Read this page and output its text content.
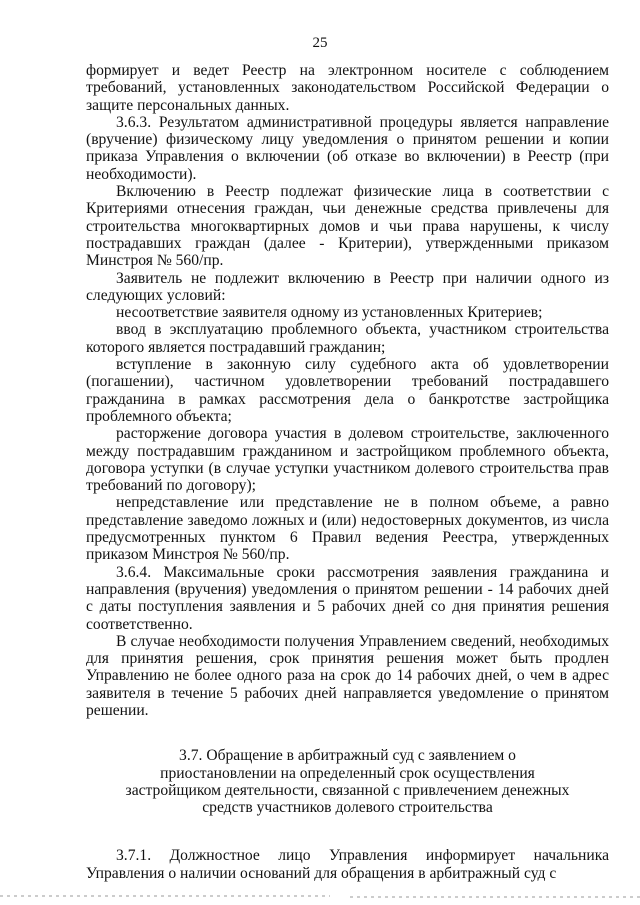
25

формирует и ведет Реестр на электронном носителе с соблюдением требований, установленных законодательством Российской Федерации о защите персональных данных.

3.6.3. Результатом административной процедуры является направление (вручение) физическому лицу уведомления о принятом решении и копии приказа Управления о включении (об отказе во включении) в Реестр (при необходимости).

Включению в Реестр подлежат физические лица в соответствии с Критериями отнесения граждан, чьи денежные средства привлечены для строительства многоквартирных домов и чьи права нарушены, к числу пострадавших граждан (далее - Критерии), утвержденными приказом Минстроя № 560/пр.

Заявитель не подлежит включению в Реестр при наличии одного из следующих условий:

несоответствие заявителя одному из установленных Критериев;

ввод в эксплуатацию проблемного объекта, участником строительства которого является пострадавший гражданин;

вступление в законную силу судебного акта об удовлетворении (погашении), частичном удовлетворении требований пострадавшего гражданина в рамках рассмотрения дела о банкротстве застройщика проблемного объекта;

расторжение договора участия в долевом строительстве, заключенного между пострадавшим гражданином и застройщиком проблемного объекта, договора уступки (в случае уступки участником долевого строительства прав требований по договору);

непредставление или представление не в полном объеме, а равно представление заведомо ложных и (или) недостоверных документов, из числа предусмотренных пунктом 6 Правил ведения Реестра, утвержденных приказом Минстроя № 560/пр.

3.6.4. Максимальные сроки рассмотрения заявления гражданина и направления (вручения) уведомления о принятом решении - 14 рабочих дней с даты поступления заявления и 5 рабочих дней со дня принятия решения соответственно.

В случае необходимости получения Управлением сведений, необходимых для принятия решения, срок принятия решения может быть продлен Управлению не более одного раза на срок до 14 рабочих дней, о чем в адрес заявителя в течение 5 рабочих дней направляется уведомление о принятом решении.

3.7. Обращение в арбитражный суд с заявлением о
приостановлении на определенный срок осуществления
застройщиком деятельности, связанной с привлечением денежных
средств участников долевого строительства

3.7.1. Должностное лицо Управления информирует начальника Управления о наличии оснований для обращения в арбитражный суд с
